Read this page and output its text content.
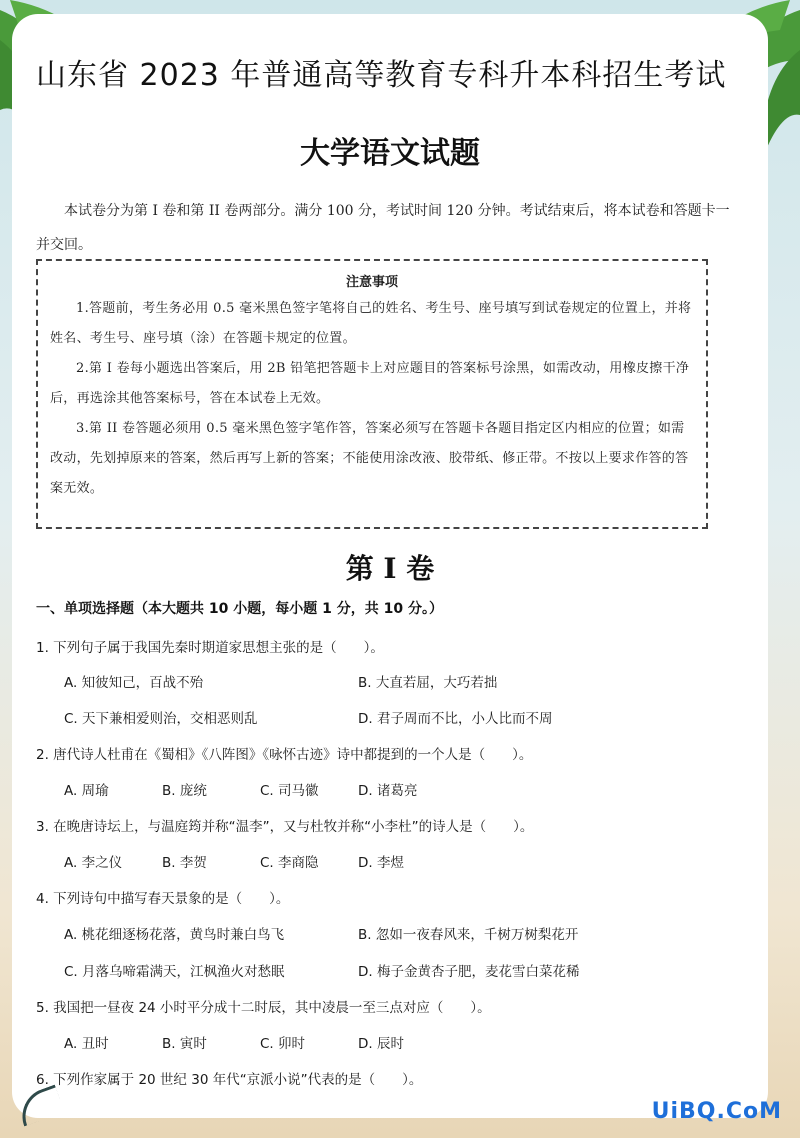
山东省 2023 年普通高等教育专科升本科招生考试
大学语文试题

本试卷分为第 I 卷和第 II 卷两部分。满分 100 分，考试时间 120 分钟。考试结束后，将本试卷和答题卡一并交回。

注意事项

1.答题前，考生务必用 0.5 毫米黑色签字笔将自己的姓名、考生号、座号填写到试卷规定的位置上，并将姓名、考生号、座号填（涂）在答题卡规定的位置。

2.第 I 卷每小题选出答案后，用 2B 铅笔把答题卡上对应题目的答案标号涂黑，如需改动，用橡皮擦干净后，再选涂其他答案标号，答在本试卷上无效。

3.第 II 卷答题必须用 0.5 毫米黑色签字笔作答，答案必须写在答题卡各题目指定区内相应的位置；如需改动，先划掉原来的答案，然后再写上新的答案；不能使用涂改液、胶带纸、修正带。不按以上要求作答的答案无效。

第 I 卷

一、单项选择题（本大题共 10 小题，每小题 1 分，共 10 分。）

1. 下列句子属于我国先秦时期道家思想主张的是（　　）。

A. 知彼知己，百战不殆	B. 大直若屈，大巧若拙

C. 天下兼相爱则治，交相恶则乱	D. 君子周而不比，小人比而不周

2. 唐代诗人杜甫在《蜀相》《八阵图》《咏怀古迹》诗中都提到的一个人是（　　）。

A. 周瑜	B. 庞统	C. 司马徽	D. 诸葛亮

3. 在晚唐诗坛上，与温庭筠并称“温李”，又与杜牧并称“小李杜”的诗人是（　　）。

A. 李之仪	B. 李贺	C. 李商隐	D. 李煜

4. 下列诗句中描写春天景象的是（　　）。

A. 桃花细逐杨花落，黄鸟时兼白鸟飞	B. 忽如一夜春风来，千树万树梨花开

C. 月落乌啼霜满天，江枫渔火对愁眠	D. 梅子金黄杏子肥，麦花雪白菜花稀

5. 我国把一昼夜 24 小时平分成十二时辰，其中凌晨一至三点对应（　　）。

A. 丑时	B. 寅时	C. 卯时	D. 辰时

6. 下列作家属于 20 世纪 30 年代“京派小说”代表的是（　　）。

UiBQ.CoM
